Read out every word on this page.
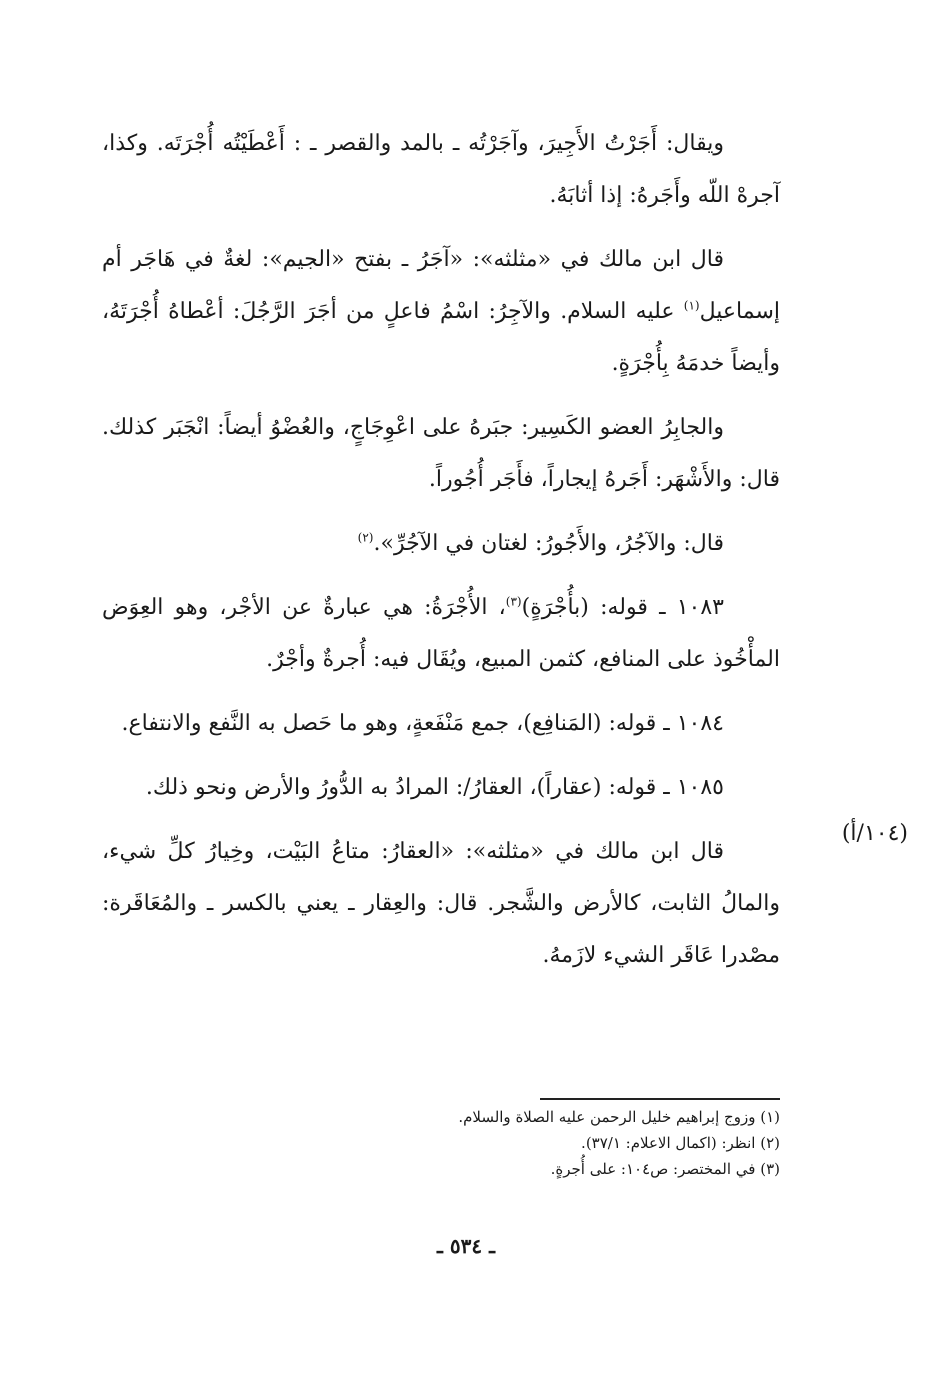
ويقال: أَجَرْتُ الأَجِيرَ، وآجَرْتُه ـ بالمد والقصر ـ : أَعْطَيْتُه أُجْرَتَه. وكذا، آجرهْ اللّه وأَجَرهُ: إذا أثابَهُ.

قال ابن مالك في «مثلثه»: «آجَرُ ـ بفتح «الجيم»: لغةٌ في هَاجَر أم إسماعيل$^{(١)}$ عليه السلام. والآجِرُ: اسْمُ فاعلٍ من أجَرَ الرَّجُلَ: أعْطاهُ أُجْرَتَهُ، وأيضاً خدمَهُ بِأُجْرَةٍ.

والجابِرُ العضو الكَسِير: جبَرهُ على اعْوِجَاجٍ، والعُضْوُ أيضاً: انْجَبَر كذلك. قال: والأَشْهَر: أَجَرهُ إيجاراً، فأَجَر أُجُوراً.

قال: والآجُرُ، والأَجُورُ: لغتان في الآجُرِّ».$^{(٢)}$

١٠٨٣ ـ قوله: (بأُجْرَةٍ)$^{(٣)}$، الأُجْرَةُ: هي عبارةٌ عن الأجْر، وهو العِوَض المأْخُوذ على المنافع، كثمن المبيع، ويُقَال فيه: أُجرةٌ وأجْرٌ.

١٠٨٤ ـ قوله: (المَنافِع)، جمع مَنْفَعةٍ، وهو ما حَصل به النَّفع والانتفاع.

١٠٨٥ ـ قوله: (عقاراً)، العقارُ/: المرادُ به الدُّورُ والأرض ونحو ذلك.

قال ابن مالك في «مثلثه»: «العقارُ: متاعُ البَيْت، وخِيارُ كلِّ شيء، والمالُ الثابت، كالأرض والشَّجر. قال: والعِقار ـ يعني بالكسر ـ والمُعَاقَرة: مصْدرا عَاقَر الشيء لازَمهُ.

(١٠٤/أ)

(١) وزوج إبراهيم خليل الرحمن عليه الصلاة والسلام.

(٢) انظر: (اكمال الاعلام: ٣٧/١).

(٣) في المختصر: ص١٠٤: على أُجرةٍ.

ـ ٥٣٤ ـ
